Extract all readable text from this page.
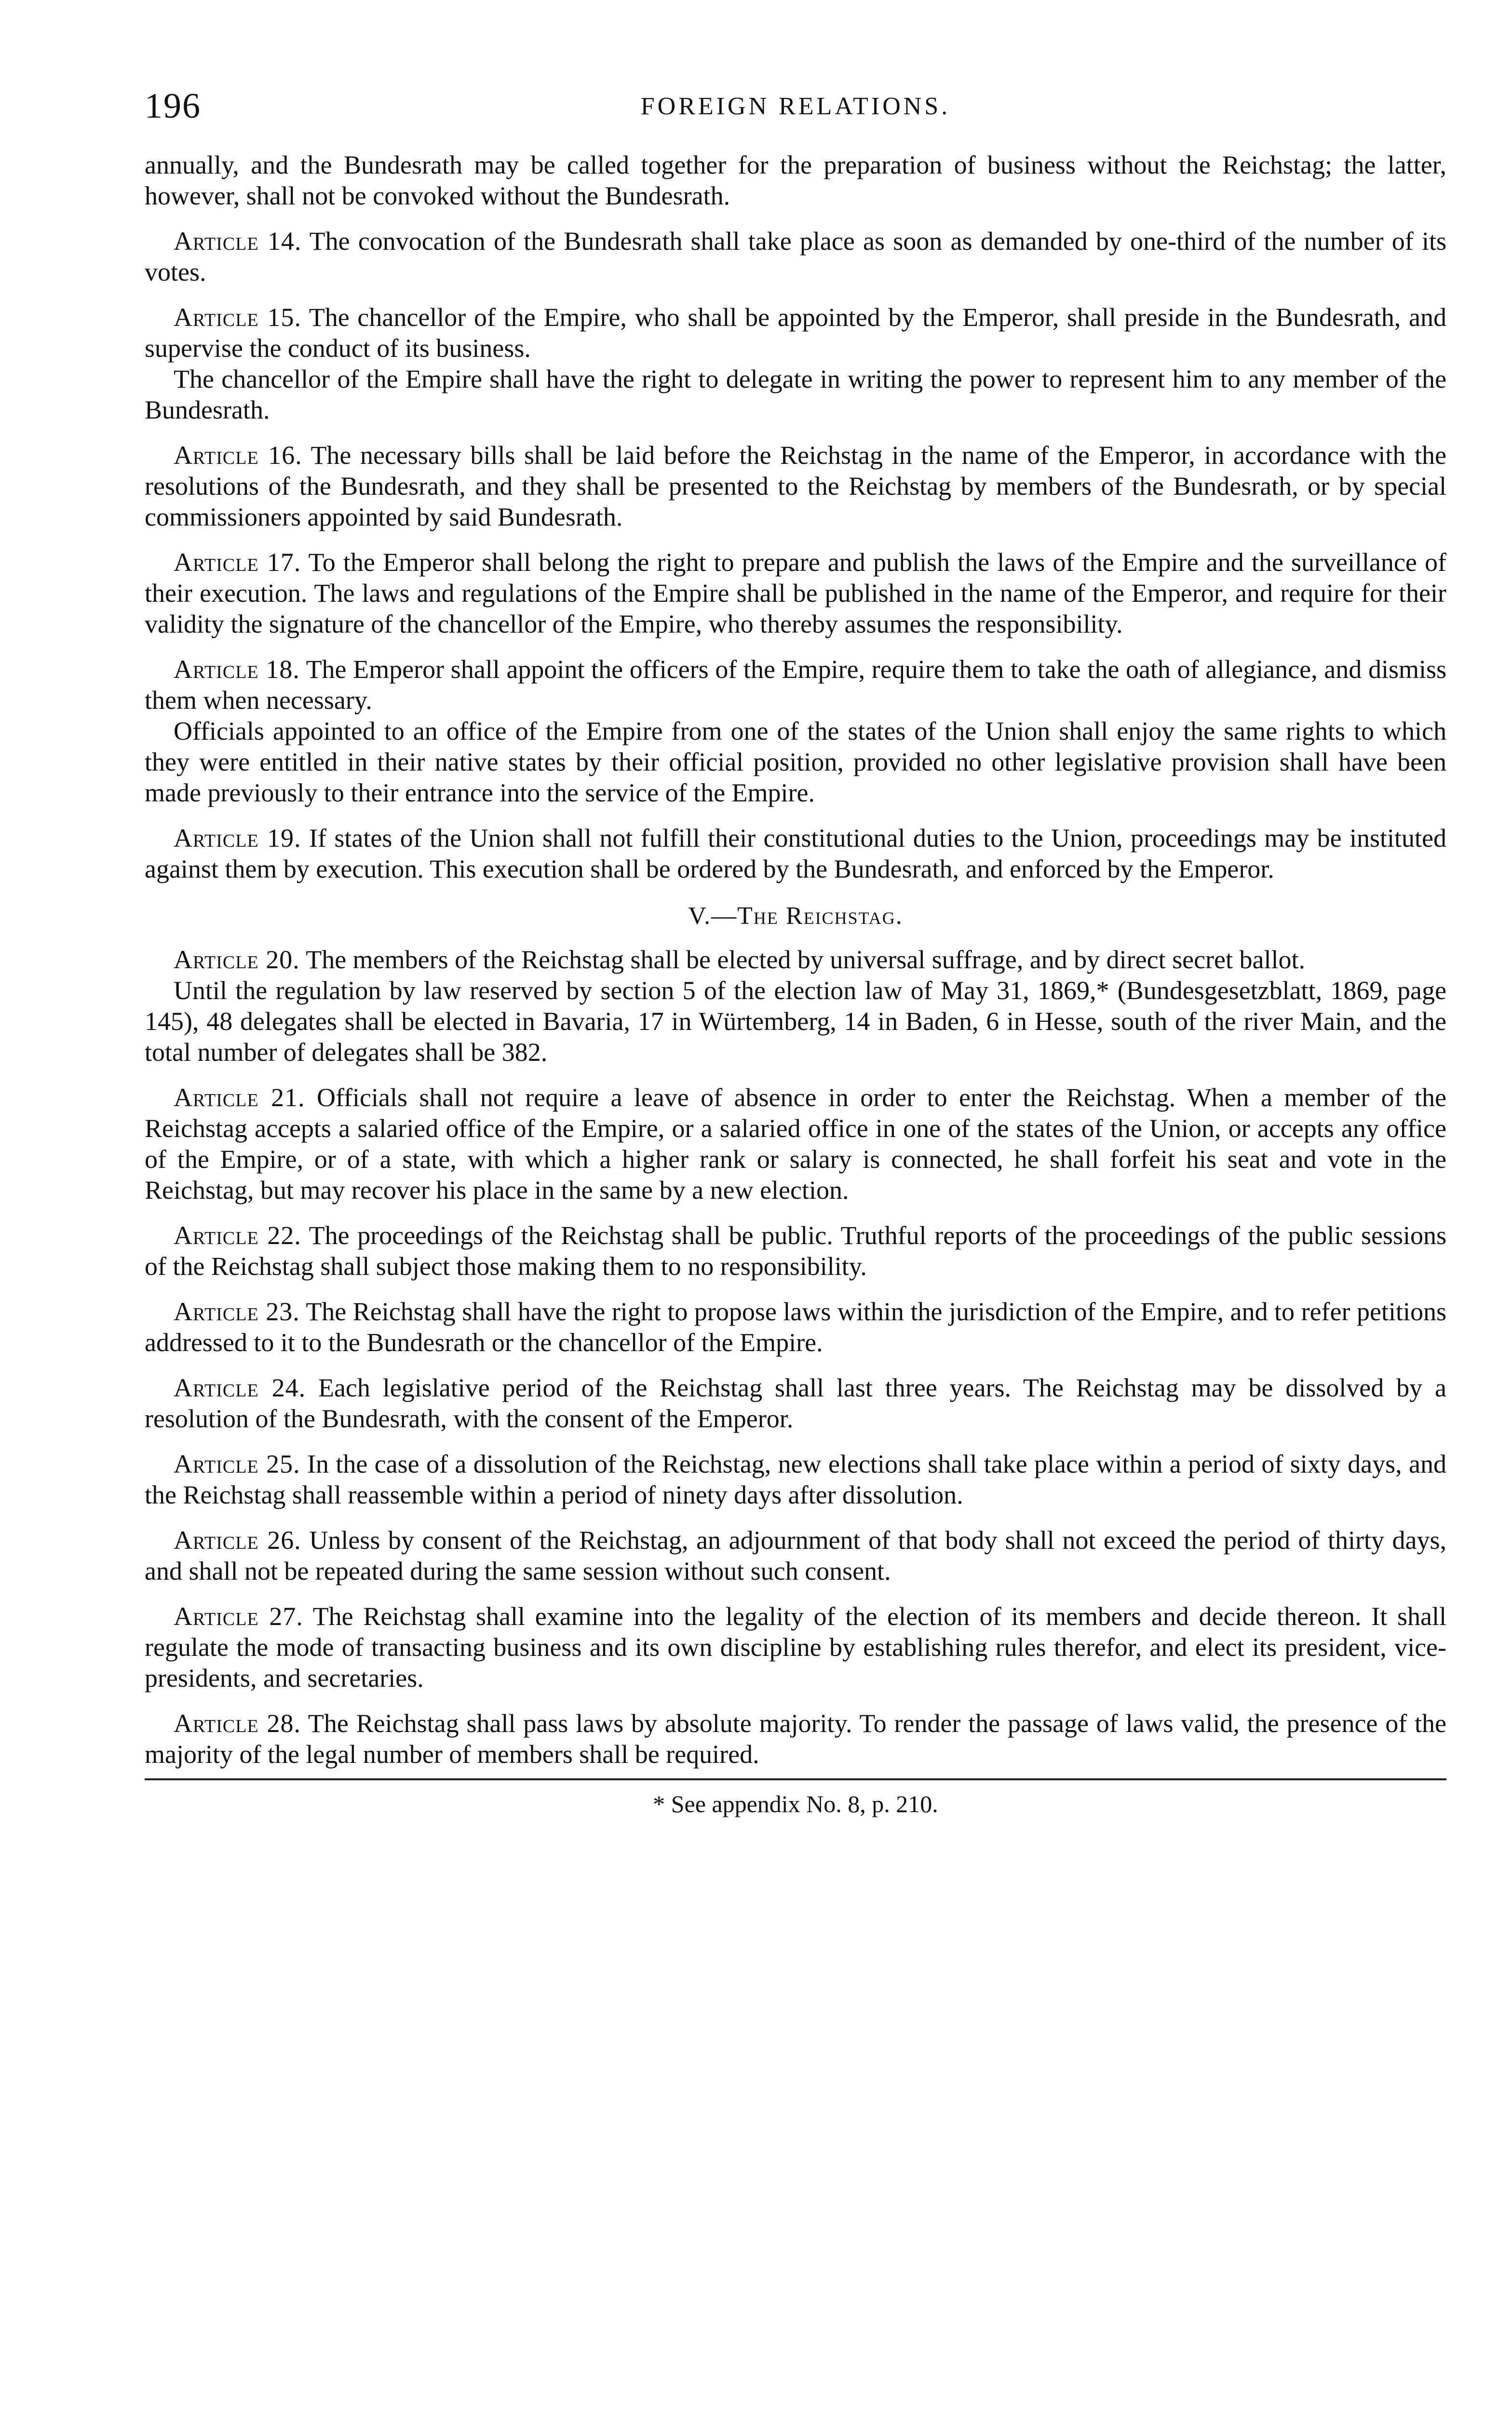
196	FOREIGN RELATIONS.

annually, and the Bundesrath may be called together for the preparation of business without the Reichstag; the latter, however, shall not be convoked without the Bundesrath.

Article 14. The convocation of the Bundesrath shall take place as soon as demanded by one-third of the number of its votes.

Article 15. The chancellor of the Empire, who shall be appointed by the Emperor, shall preside in the Bundesrath, and supervise the conduct of its business.

The chancellor of the Empire shall have the right to delegate in writing the power to represent him to any member of the Bundesrath.

Article 16. The necessary bills shall be laid before the Reichstag in the name of the Emperor, in accordance with the resolutions of the Bundesrath, and they shall be presented to the Reichstag by members of the Bundesrath, or by special commissioners appointed by said Bundesrath.

Article 17. To the Emperor shall belong the right to prepare and publish the laws of the Empire and the surveillance of their execution. The laws and regulations of the Empire shall be published in the name of the Emperor, and require for their validity the signature of the chancellor of the Empire, who thereby assumes the responsibility.

Article 18. The Emperor shall appoint the officers of the Empire, require them to take the oath of allegiance, and dismiss them when necessary.

Officials appointed to an office of the Empire from one of the states of the Union shall enjoy the same rights to which they were entitled in their native states by their official position, provided no other legislative provision shall have been made previously to their entrance into the service of the Empire.

Article 19. If states of the Union shall not fulfill their constitutional duties to the Union, proceedings may be instituted against them by execution. This execution shall be ordered by the Bundesrath, and enforced by the Emperor.

V.—The Reichstag.

Article 20. The members of the Reichstag shall be elected by universal suffrage, and by direct secret ballot.

Until the regulation by law reserved by section 5 of the election law of May 31, 1869,* (Bundesgesetzblatt, 1869, page 145), 48 delegates shall be elected in Bavaria, 17 in Würtemberg, 14 in Baden, 6 in Hesse, south of the river Main, and the total number of delegates shall be 382.

Article 21. Officials shall not require a leave of absence in order to enter the Reichstag. When a member of the Reichstag accepts a salaried office of the Empire, or a salaried office in one of the states of the Union, or accepts any office of the Empire, or of a state, with which a higher rank or salary is connected, he shall forfeit his seat and vote in the Reichstag, but may recover his place in the same by a new election.

Article 22. The proceedings of the Reichstag shall be public. Truthful reports of the proceedings of the public sessions of the Reichstag shall subject those making them to no responsibility.

Article 23. The Reichstag shall have the right to propose laws within the jurisdiction of the Empire, and to refer petitions addressed to it to the Bundesrath or the chancellor of the Empire.

Article 24. Each legislative period of the Reichstag shall last three years. The Reichstag may be dissolved by a resolution of the Bundesrath, with the consent of the Emperor.

Article 25. In the case of a dissolution of the Reichstag, new elections shall take place within a period of sixty days, and the Reichstag shall reassemble within a period of ninety days after dissolution.

Article 26. Unless by consent of the Reichstag, an adjournment of that body shall not exceed the period of thirty days, and shall not be repeated during the same session without such consent.

Article 27. The Reichstag shall examine into the legality of the election of its members and decide thereon. It shall regulate the mode of transacting business and its own discipline by establishing rules therefor, and elect its president, vice-presidents, and secretaries.

Article 28. The Reichstag shall pass laws by absolute majority. To render the passage of laws valid, the presence of the majority of the legal number of members shall be required.

* See appendix No. 8, p. 210.
